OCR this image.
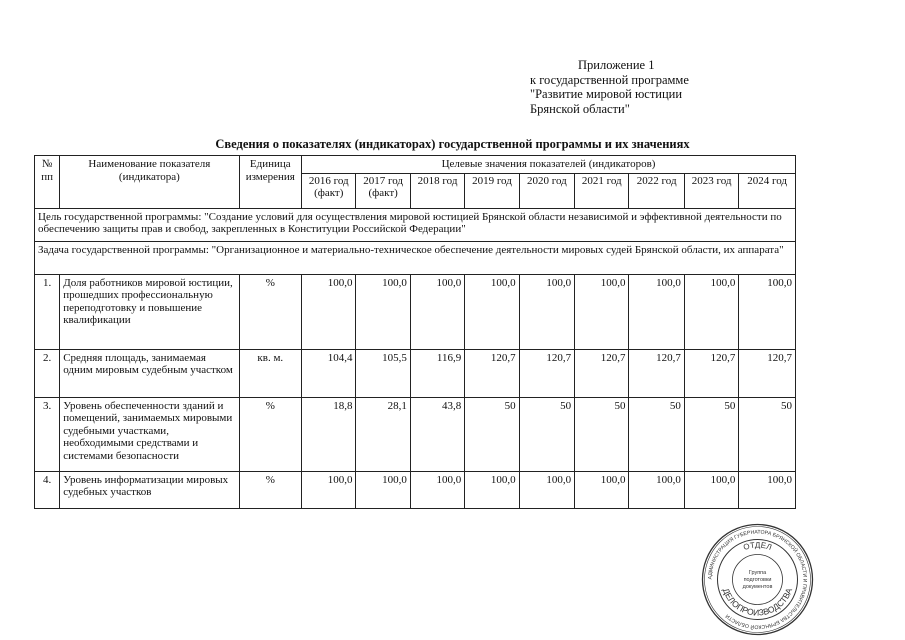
Приложение 1
к государственной программе
"Развитие мировой юстиции
Брянской области"
Сведения о показателях (индикаторах) государственной программы и их значениях
№ пп	Наименование показателя (индикатора)	Единица измерения	Целевые значения показателей (индикаторов)								
			2016 год (факт)	2017 год (факт)	2018 год	2019 год	2020 год	2021 год	2022 год	2023 год	2024 год
Цель государственной программы: "Создание условий для осуществления мировой юстицией Брянской области независимой и эффективной деятельности по обеспечению защиты прав и свобод, закрепленных в Конституции Российской Федерации"											
Задача государственной программы: "Организационное и материально-техническое обеспечение деятельности мировых судей Брянской области, их аппарата"											
1.	Доля работников мировой юстиции, прошедших профессиональную переподготовку и повышение квалификации	%	100,0	100,0	100,0	100,0	100,0	100,0	100,0	100,0	100,0
2.	Средняя площадь, занимаемая одним мировым судебным участком	кв. м.	104,4	105,5	116,9	120,7	120,7	120,7	120,7	120,7	120,7
3.	Уровень обеспеченности зданий и помещений, занимаемых мировыми судебными участками, необходимыми средствами и системами безопасности	%	18,8	28,1	43,8	50	50	50	50	50	50
4.	Уровень информатизации мировых судебных участков	%	100,0	100,0	100,0	100,0	100,0	100,0	100,0	100,0	100,0
АДМИНИСТРАЦИЯ ГУБЕРНАТОРА БРЯНСКОЙ ОБЛАСТИ И ПРАВИТЕЛЬСТВА БРЯНСКОЙ ОБЛАСТИ
ОТДЕЛ
ДЕЛОПРОИЗВОДСТВА
Группа
подготовки
документов
